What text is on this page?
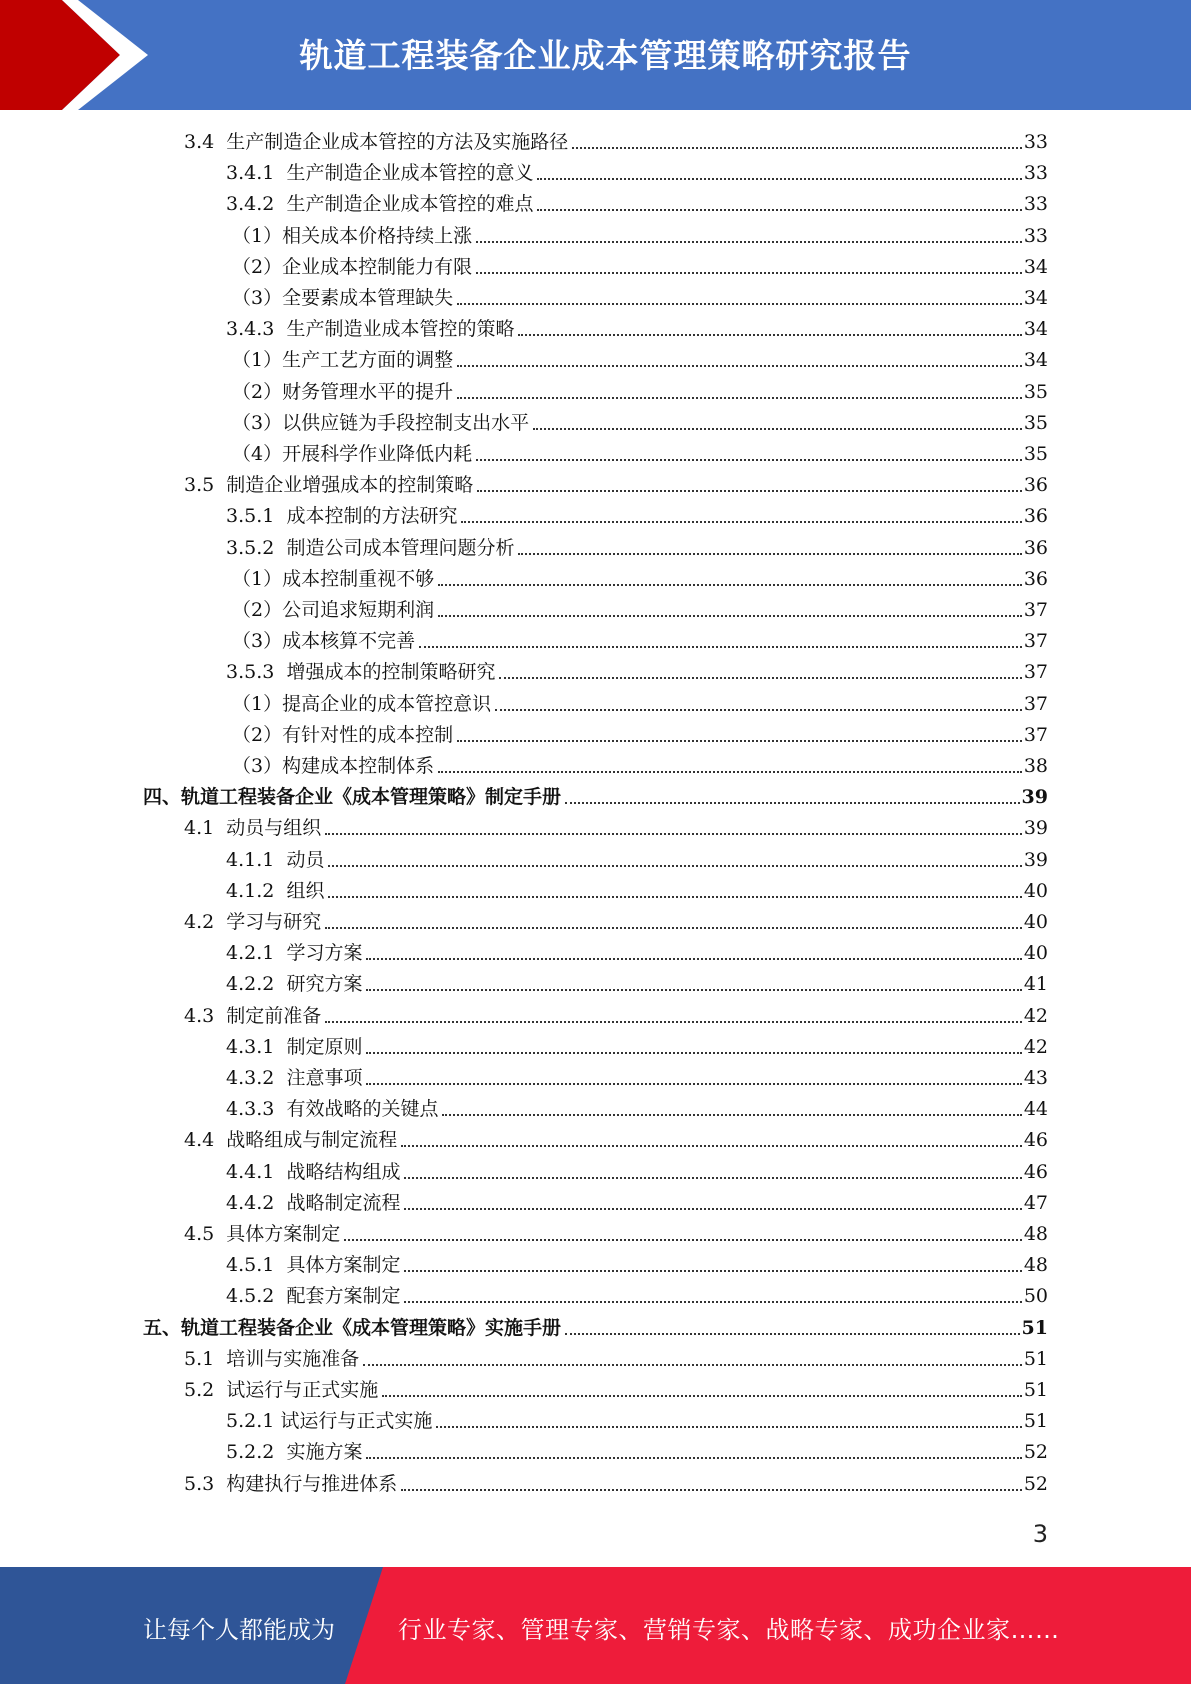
轨道工程装备企业成本管理策略研究报告
3.4 生产制造企业成本管控的方法及实施路径	33
3.4.1 生产制造企业成本管控的意义	33
3.4.2 生产制造企业成本管控的难点	33
（1） 相关成本价格持续上涨	33
（2） 企业成本控制能力有限	34
（3） 全要素成本管理缺失	34
3.4.3 生产制造业成本管控的策略	34
（1） 生产工艺方面的调整	34
（2） 财务管理水平的提升	35
（3） 以供应链为手段控制支出水平	35
（4） 开展科学作业降低内耗	35
3.5 制造企业增强成本的控制策略	36
3.5.1 成本控制的方法研究	36
3.5.2 制造公司成本管理问题分析	36
（1） 成本控制重视不够	36
（2） 公司追求短期利润	37
（3） 成本核算不完善	37
3.5.3 增强成本的控制策略研究	37
（1） 提高企业的成本管控意识	37
（2） 有针对性的成本控制	37
（3） 构建成本控制体系	38
四、 轨道工程装备企业《成本管理策略》制定手册	39
4.1 动员与组织	39
4.1.1 动员	39
4.1.2 组织	40
4.2 学习与研究	40
4.2.1 学习方案	40
4.2.2 研究方案	41
4.3 制定前准备	42
4.3.1 制定原则	42
4.3.2 注意事项	43
4.3.3 有效战略的关键点	44
4.4 战略组成与制定流程	46
4.4.1 战略结构组成	46
4.4.2 战略制定流程	47
4.5 具体方案制定	48
4.5.1 具体方案制定	48
4.5.2 配套方案制定	50
五、 轨道工程装备企业《成本管理策略》实施手册	51
5.1 培训与实施准备	51
5.2 试运行与正式实施	51
5.2.1 试运行与正式实施	51
5.2.2 实施方案	52
5.3 构建执行与推进体系	52
3
让每个人都能成为	行业专家、管理专家、营销专家、战略专家、成功企业家……
